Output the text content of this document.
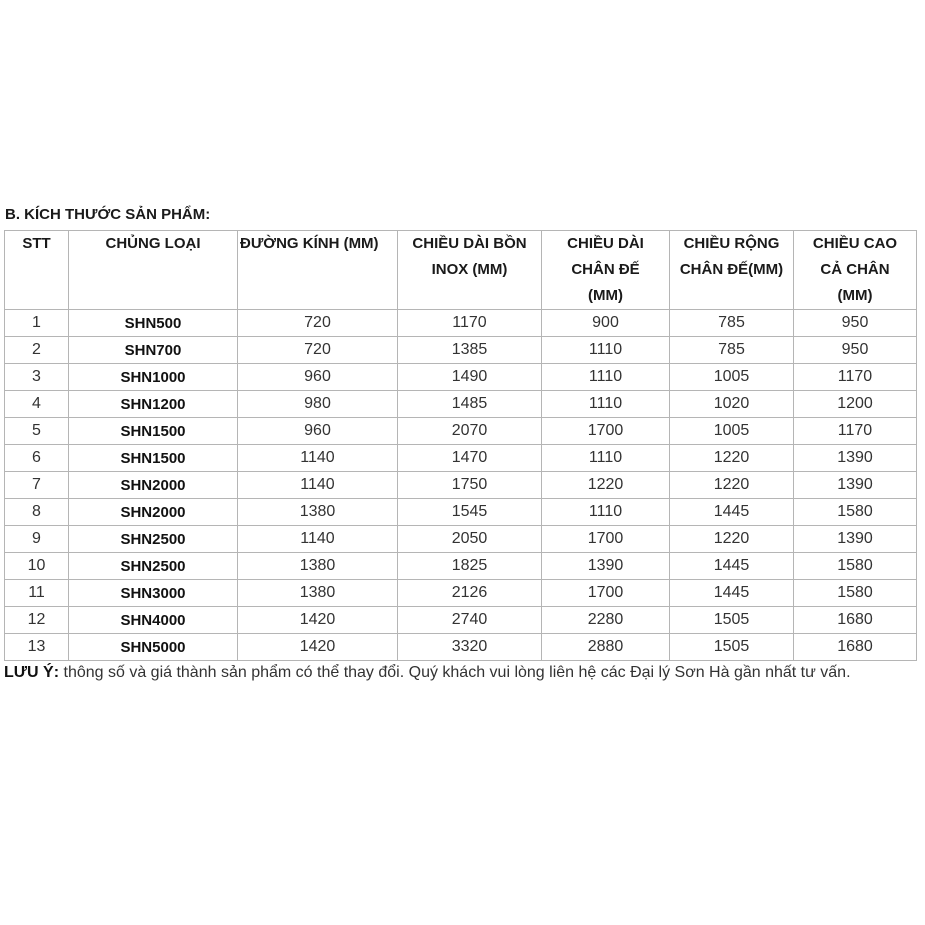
B. KÍCH THƯỚC SẢN PHẨM:
STT	CHỦNG LOẠI	ĐƯỜNG KÍNH (MM)	CHIỀU DÀI BỒN INOX (MM)	CHIỀU DÀI CHÂN ĐẾ (MM)	CHIỀU RỘNG CHÂN ĐẾ(MM)	CHIỀU CAO CẢ CHÂN (MM)

1	SHN500	720	1170	900	785	950
2	SHN700	720	1385	1110	785	950
3	SHN1000	960	1490	1110	1005	1170
4	SHN1200	980	1485	1110	1020	1200
5	SHN1500	960	2070	1700	1005	1170
6	SHN1500	1140	1470	1110	1220	1390
7	SHN2000	1140	1750	1220	1220	1390
8	SHN2000	1380	1545	1110	1445	1580
9	SHN2500	1140	2050	1700	1220	1390
10	SHN2500	1380	1825	1390	1445	1580
11	SHN3000	1380	2126	1700	1445	1580
12	SHN4000	1420	2740	2280	1505	1680
13	SHN5000	1420	3320	2880	1505	1680
LƯU Ý: thông số và giá thành sản phẩm có thể thay đổi. Quý khách vui lòng liên hệ các Đại lý Sơn Hà gần nhất tư vấn.
